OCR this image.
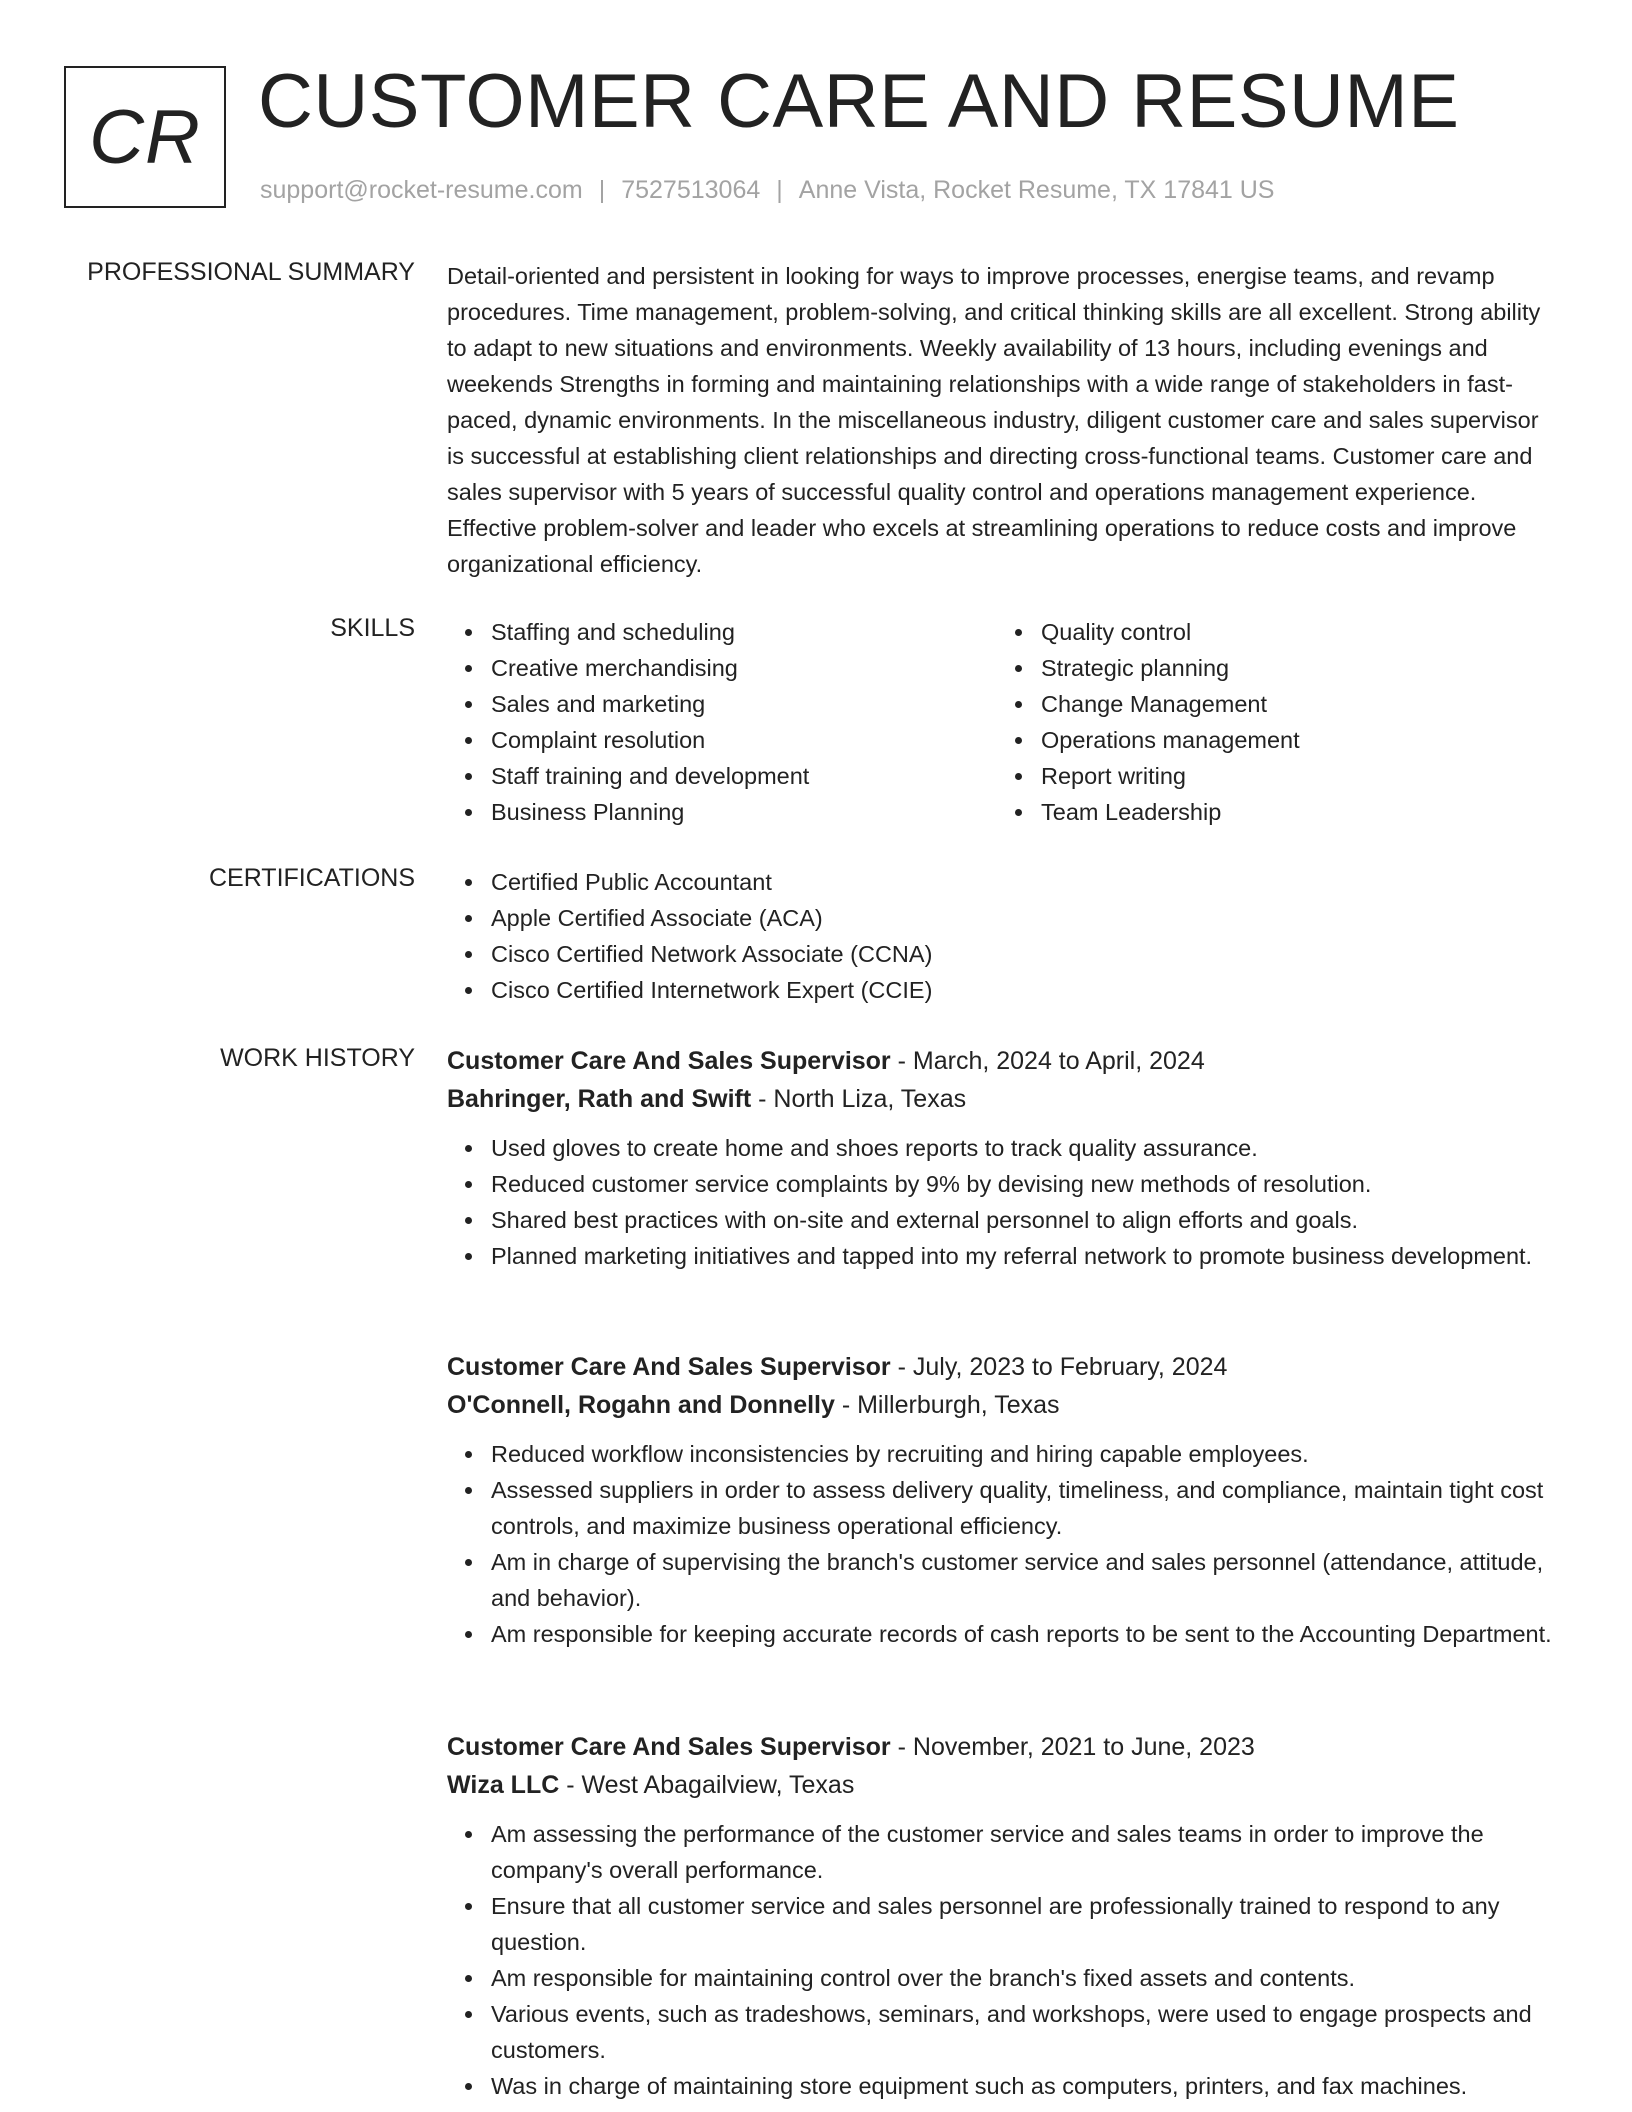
CR CUSTOMER CARE AND RESUME
support@rocket-resume.com | 7527513064 | Anne Vista, Rocket Resume, TX 17841 US
PROFESSIONAL SUMMARY Detail-oriented and persistent in looking for ways to improve processes, energise teams, and revamp procedures. Time management, problem-solving, and critical thinking skills are all excellent. Strong ability to adapt to new situations and environments. Weekly availability of 13 hours, including evenings and weekends Strengths in forming and maintaining relationships with a wide range of stakeholders in fast-paced, dynamic environments. In the miscellaneous industry, diligent customer care and sales supervisor is successful at establishing client relationships and directing cross-functional teams. Customer care and sales supervisor with 5 years of successful quality control and operations management experience. Effective problem-solver and leader who excels at streamlining operations to reduce costs and improve organizational efficiency.

SKILLS	Staffing and scheduling
Creative merchandising
Sales and marketing
Complaint resolution
Staff training and development
Business Planning
Quality control
Strategic planning
Change Management
Operations management
Report writing
Team Leadership
CERTIFICATIONS	Certified Public Accountant
Apple Certified Associate (ACA)
Cisco Certified Network Associate (CCNA)
Cisco Certified Internetwork Expert (CCIE)
WORK HISTORY Customer Care And Sales Supervisor - March, 2024 to April, 2024
Bahringer, Rath and Swift - North Liza, Texas
Used gloves to create home and shoes reports to track quality assurance.
Reduced customer service complaints by 9% by devising new methods of resolution.
Shared best practices with on-site and external personnel to align efforts and goals.
Planned marketing initiatives and tapped into my referral network to promote business development.
Customer Care And Sales Supervisor - July, 2023 to February, 2024
O'Connell, Rogahn and Donnelly - Millerburgh, Texas
Reduced workflow inconsistencies by recruiting and hiring capable employees.
Assessed suppliers in order to assess delivery quality, timeliness, and compliance, maintain tight cost controls, and maximize business operational efficiency.
Am in charge of supervising the branch's customer service and sales personnel (attendance, attitude, and behavior).
Am responsible for keeping accurate records of cash reports to be sent to the Accounting Department.
Customer Care And Sales Supervisor - November, 2021 to June, 2023
Wiza LLC - West Abagailview, Texas
Am assessing the performance of the customer service and sales teams in order to improve the company's overall performance.
Ensure that all customer service and sales personnel are professionally trained to respond to any question.
Am responsible for maintaining control over the branch's fixed assets and contents.
Various events, such as tradeshows, seminars, and workshops, were used to engage prospects and customers.
Was in charge of maintaining store equipment such as computers, printers, and fax machines.
